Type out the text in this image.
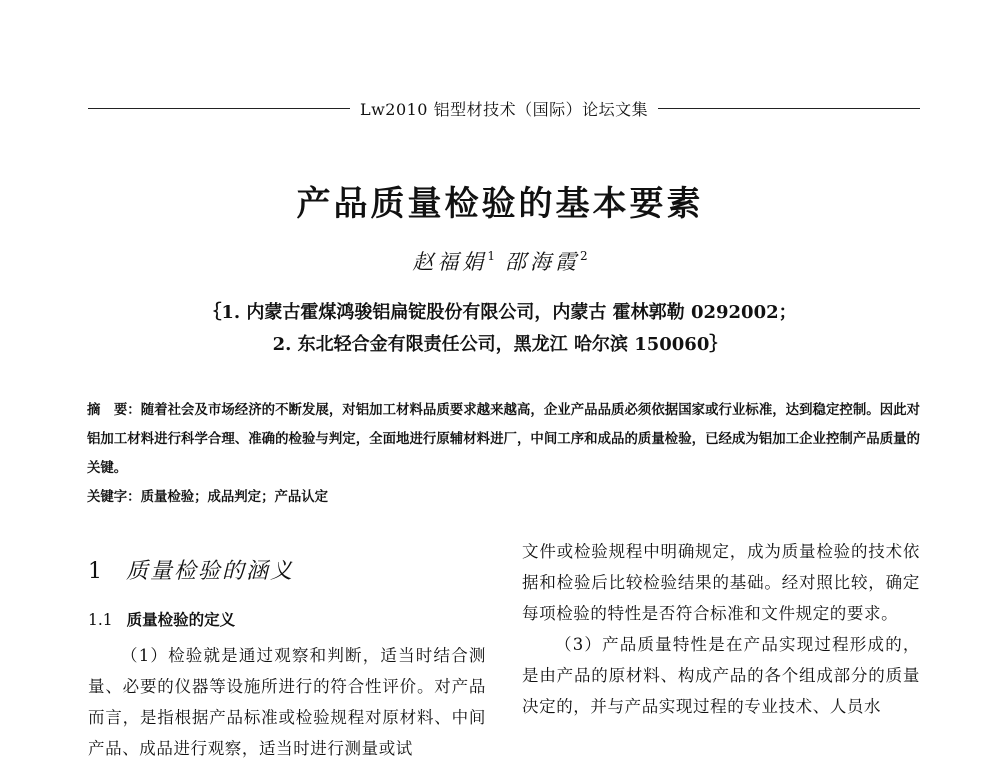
Lw2010 铝型材技术（国际）论坛文集
产品质量检验的基本要素
赵福娟$^1$ 邵海霞$^2$
｛1. 内蒙古霍煤鸿骏铝扁锭股份有限公司，内蒙古 霍林郭勒 0292002；
2. 东北轻合金有限责任公司，黑龙江 哈尔滨 150060｝

摘　要：随着社会及市场经济的不断发展，对铝加工材料品质要求越来越高，企业产品品质必须依据国家或行业标准，达到稳定控制。因此对铝加工材料进行科学合理、准确的检验与判定，全面地进行原辅材料进厂，中间工序和成品的质量检验，已经成为铝加工企业控制产品质量的关键。

关键字：质量检验；成品判定；产品认定

1 质量检验的涵义
1.1 质量检验的定义

（1）检验就是通过观察和判断，适当时结合测量、必要的仪器等设施所进行的符合性评价。对产品而言，是指根据产品标准或检验规程对原材料、中间产品、成品进行观察，适当时进行测量或试

文件或检验规程中明确规定，成为质量检验的技术依据和检验后比较检验结果的基础。经对照比较，确定每项检验的特性是否符合标准和文件规定的要求。

（3）产品质量特性是在产品实现过程形成的，是由产品的原材料、构成产品的各个组成部分的质量决定的，并与产品实现过程的专业技术、人员水
